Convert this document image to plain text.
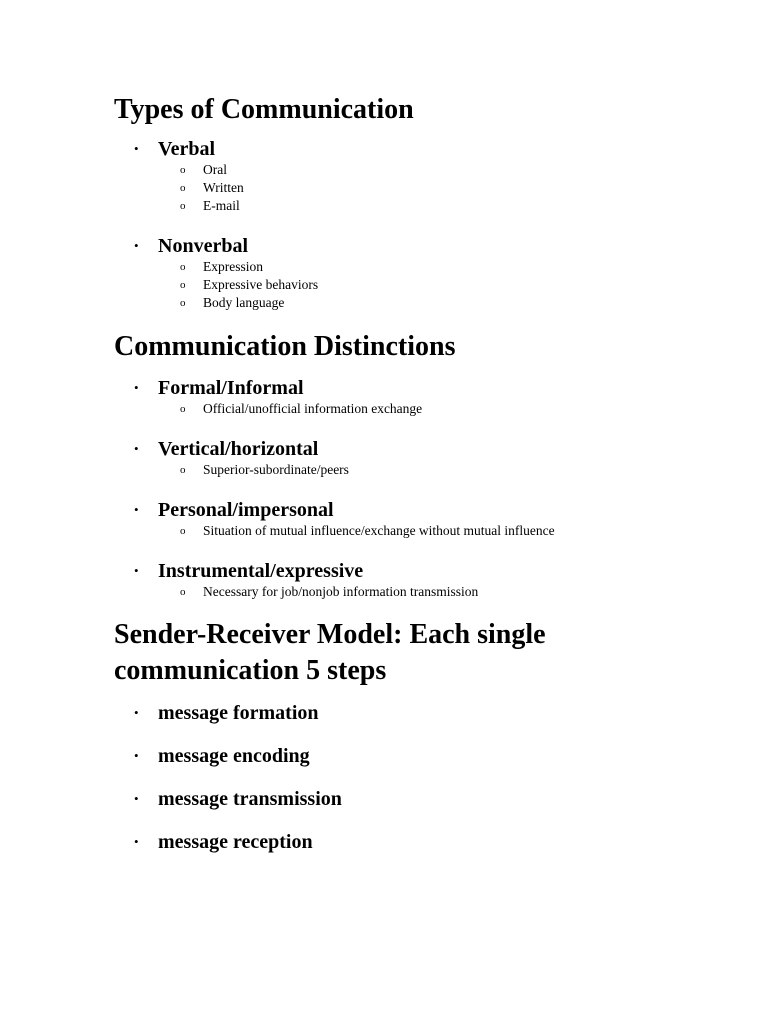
Types of Communication
• Verbal
o Oral
o Written
o E-mail
• Nonverbal
o Expression
o Expressive behaviors
o Body language
Communication Distinctions
• Formal/Informal
o Official/unofficial information exchange
• Vertical/horizontal
o Superior-subordinate/peers
• Personal/impersonal
o Situation of mutual influence/exchange without mutual influence
• Instrumental/expressive
o Necessary for job/nonjob information transmission
Sender-Receiver Model: Each single communication 5 steps
• message formation
• message encoding
• message transmission
• message reception
